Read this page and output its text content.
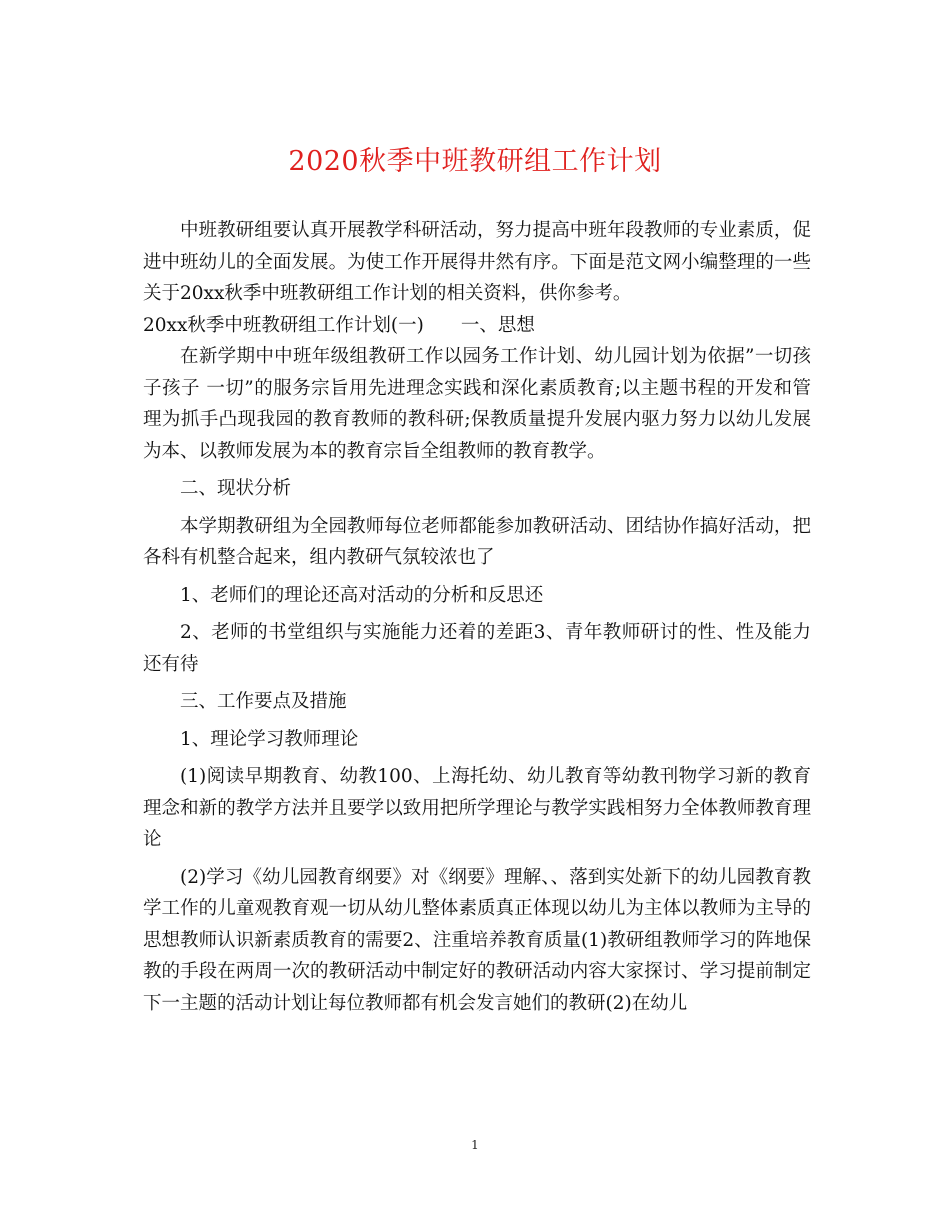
2020秋季中班教研组工作计划

中班教研组要认真开展教学科研活动，努力提高中班年段教师的专业素质，促进中班幼儿的全面发展。为使工作开展得井然有序。下面是范文网小编整理的一些关于20xx秋季中班教研组工作计划的相关资料，供你参考。

20xx秋季中班教研组工作计划(一)　　一、思想

在新学期中中班年级组教研工作以园务工作计划、幼儿园计划为依据”一切孩子孩子 一切”的服务宗旨用先进理念实践和深化素质教育;以主题书程的开发和管理为抓手凸现我园的教育教师的教科研;保教质量提升发展内驱力努力以幼儿发展为本、以教师发展为本的教育宗旨全组教师的教育教学。

二、现状分析

本学期教研组为全园教师每位老师都能参加教研活动、团结协作搞好活动，把各科有机整合起来，组内教研气氛较浓也了

1、老师们的理论还高对活动的分析和反思还

2、老师的书堂组织与实施能力还着的差距3、青年教师研讨的性、性及能力还有待

三、工作要点及措施

1、理论学习教师理论

(1)阅读早期教育、幼教100、上海托幼、幼儿教育等幼教刊物学习新的教育理念和新的教学方法并且要学以致用把所学理论与教学实践相努力全体教师教育理论

(2)学习《幼儿园教育纲要》对《纲要》理解、、落到实处新下的幼儿园教育教学工作的儿童观教育观一切从幼儿整体素质真正体现以幼儿为主体以教师为主导的思想教师认识新素质教育的需要2、注重培养教育质量(1)教研组教师学习的阵地保教的手段在两周一次的教研活动中制定好的教研活动内容大家探讨、学习提前制定下一主题的活动计划让每位教师都有机会发言她们的教研(2)在幼儿

1
